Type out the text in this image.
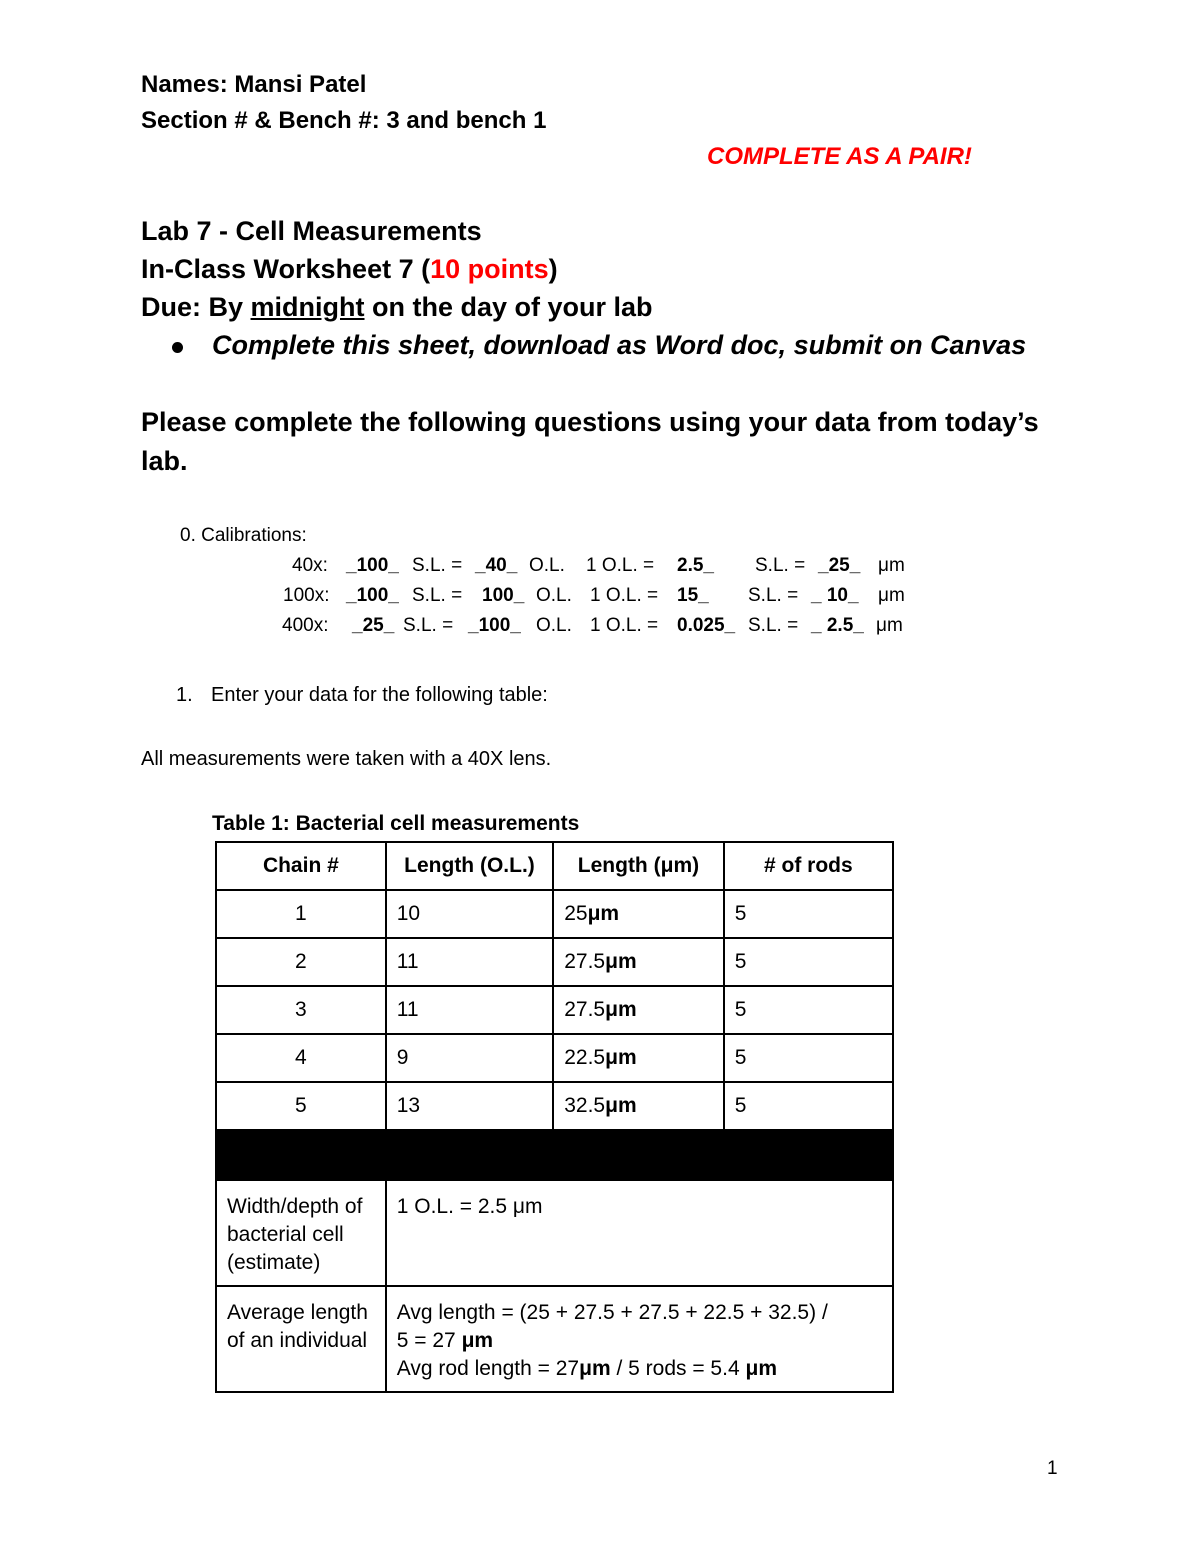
Names: Mansi Patel
Section # & Bench #: 3 and bench 1
COMPLETE AS A PAIR!
Lab 7 - Cell Measurements
In-Class Worksheet 7 (10 points)
Due: By midnight on the day of your lab
Complete this sheet, download as Word doc, submit on Canvas
Please complete the following questions using your data from today’s
lab.
0. Calibrations:
40x: _100_ S.L. = _40_ O.L. 1 O.L. = 2.5_ S.L. = _25_ μm
100x: _100_ S.L. = 100_ O.L. 1 O.L. = 15_ S.L. = _ 10_ μm
400x: _25_ S.L. = _100_ O.L. 1 O.L. = 0.025_ S.L. = _ 2.5_ μm
1. Enter your data for the following table:
All measurements were taken with a 40X lens.
Table 1: Bacterial cell measurements
Chain #	Length (O.L.)	Length (μm)	# of rods
1	10	25μm	5
2	11	27.5μm	5
3	11	27.5μm	5
4	9	22.5μm	5
5	13	32.5μm	5

Width/depth of bacterial cell (estimate)	1 O.L. = 2.5 μm		
Average length of an individual	Avg length = (25 + 27.5 + 27.5 + 22.5 + 32.5) /
5 = 27 μm
Avg rod length = 27μm / 5 rods = 5.4 μm		
1
